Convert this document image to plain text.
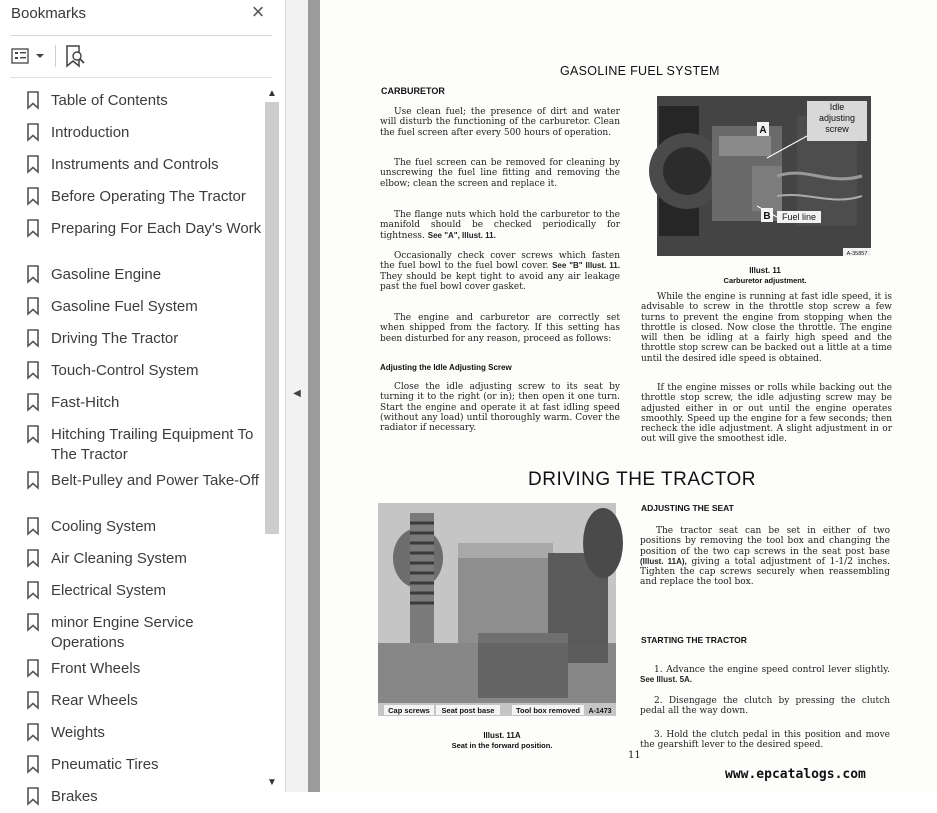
Bookmarks	×
Table of Contents
Introduction
Instruments and Controls
Before Operating The Tractor
Preparing For Each Day's Work
Gasoline Engine
Gasoline Fuel System
Driving The Tractor
Touch-Control System
Fast-Hitch
Hitching Trailing Equipment To The Tractor
Belt-Pulley and Power Take-Off
Cooling System
Air Cleaning System
Electrical System
minor Engine Service Operations
Front Wheels
Rear Wheels
Weights
Pneumatic Tires
Brakes
▲
▼
◀
GASOLINE FUEL SYSTEM
CARBURETOR
Use clean fuel; the presence of dirt and water will disturb the functioning of the carburetor. Clean the fuel screen after every 500 hours of operation.
The fuel screen can be removed for cleaning by unscrewing the fuel line fitting and removing the elbow; clean the screen and replace it.
The flange nuts which hold the carburetor to the manifold should be checked periodically for tightness. See "A", Illust. 11.
Occasionally check cover screws which fasten the fuel bowl to the fuel bowl cover. See "B" Illust. 11. They should be kept tight to avoid any air leakage past the fuel bowl cover gasket.
The engine and carburetor are correctly set when shipped from the factory. If this setting has been disturbed for any reason, proceed as follows:
Adjusting the Idle Adjusting Screw
Close the idle adjusting screw to its seat by turning it to the right (or in); then open it one turn. Start the engine and operate it at fast idling speed (without any load) until thoroughly warm. Cover the radiator if necessary.
Idle
adjusting
screw
A
B Fuel line
A-35857
Illust. 11
Carburetor adjustment.
While the engine is running at fast idle speed, it is advisable to screw in the throttle stop screw a few turns to prevent the engine from stopping when the throttle is closed. Now close the throttle. The engine will then be idling at a fairly high speed and the throttle stop screw can be backed out a little at a time until the desired idle speed is obtained.
If the engine misses or rolls while backing out the throttle stop screw, the idle adjusting screw may be adjusted either in or out until the engine operates smoothly. Speed up the engine for a few seconds; then recheck the idle adjustment. A slight adjustment in or out will give the smoothest idle.
DRIVING THE TRACTOR
Cap screws Seat post base	Tool box removed A-1473
Illust. 11A
Seat in the forward position.
ADJUSTING THE SEAT
The tractor seat can be set in either of two positions by removing the tool box and changing the position of the two cap screws in the seat post base (Illust. 11A), giving a total adjustment of 1-1/2 inches. Tighten the cap screws securely when reassembling and replace the tool box.
STARTING THE TRACTOR
1. Advance the engine speed control lever slightly. See Illust. 5A.
2. Disengage the clutch by pressing the clutch pedal all the way down.
3. Hold the clutch pedal in this position and move the gearshift lever to the desired speed.
11
www.epcatalogs.com
